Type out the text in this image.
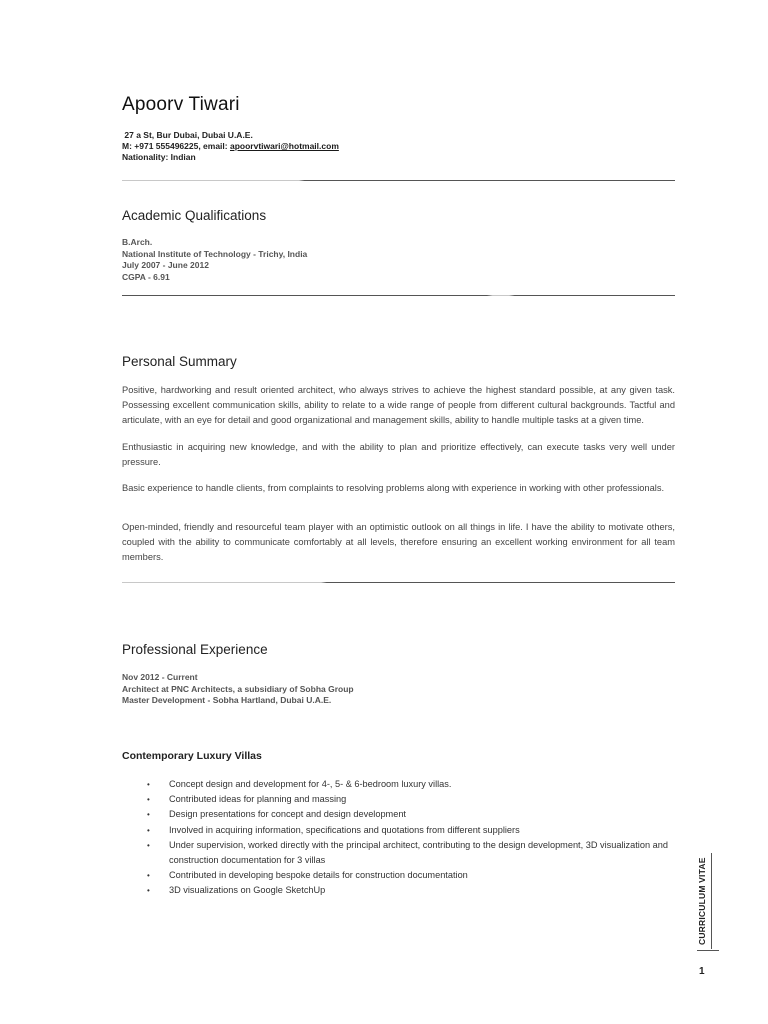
Apoorv Tiwari
27 a St, Bur Dubai, Dubai U.A.E.
M: +971 555496225, email: apoorvtiwari@hotmail.com
Nationality: Indian
Academic Qualifications
B.Arch.
National Institute of Technology - Trichy, India
July 2007 - June 2012
CGPA - 6.91
Personal Summary

Positive, hardworking and result oriented architect, who always strives to achieve the highest standard possible, at any given task. Possessing excellent communication skills, ability to relate to a wide range of people from different cultural backgrounds. Tactful and articulate, with an eye for detail and good organizational and management skills, ability to handle multiple tasks at a given time.

Enthusiastic in acquiring new knowledge, and with the ability to plan and prioritize effectively, can execute tasks very well under pressure.

Basic experience to handle clients, from complaints to resolving problems along with experience in working with other professionals.

Open-minded, friendly and resourceful team player with an optimistic outlook on all things in life. I have the ability to motivate others, coupled with the ability to communicate comfortably at all levels, therefore ensuring an excellent working environment for all team members.

Professional Experience
Nov 2012 - Current
Architect at PNC Architects, a subsidiary of Sobha Group
Master Development - Sobha Hartland, Dubai U.A.E.
Contemporary Luxury Villas
• Concept design and development for 4-, 5- & 6-bedroom luxury villas.
• Contributed ideas for planning and massing
• Design presentations for concept and design development
• Involved in acquiring information, specifications and quotations from different suppliers
• Under supervision, worked directly with the principal architect, contributing to the design development, 3D visualization and construction documentation for 3 villas
• Contributed in developing bespoke details for construction documentation
• 3D visualizations on Google SketchUp	CURRICULUM VITAE
1
